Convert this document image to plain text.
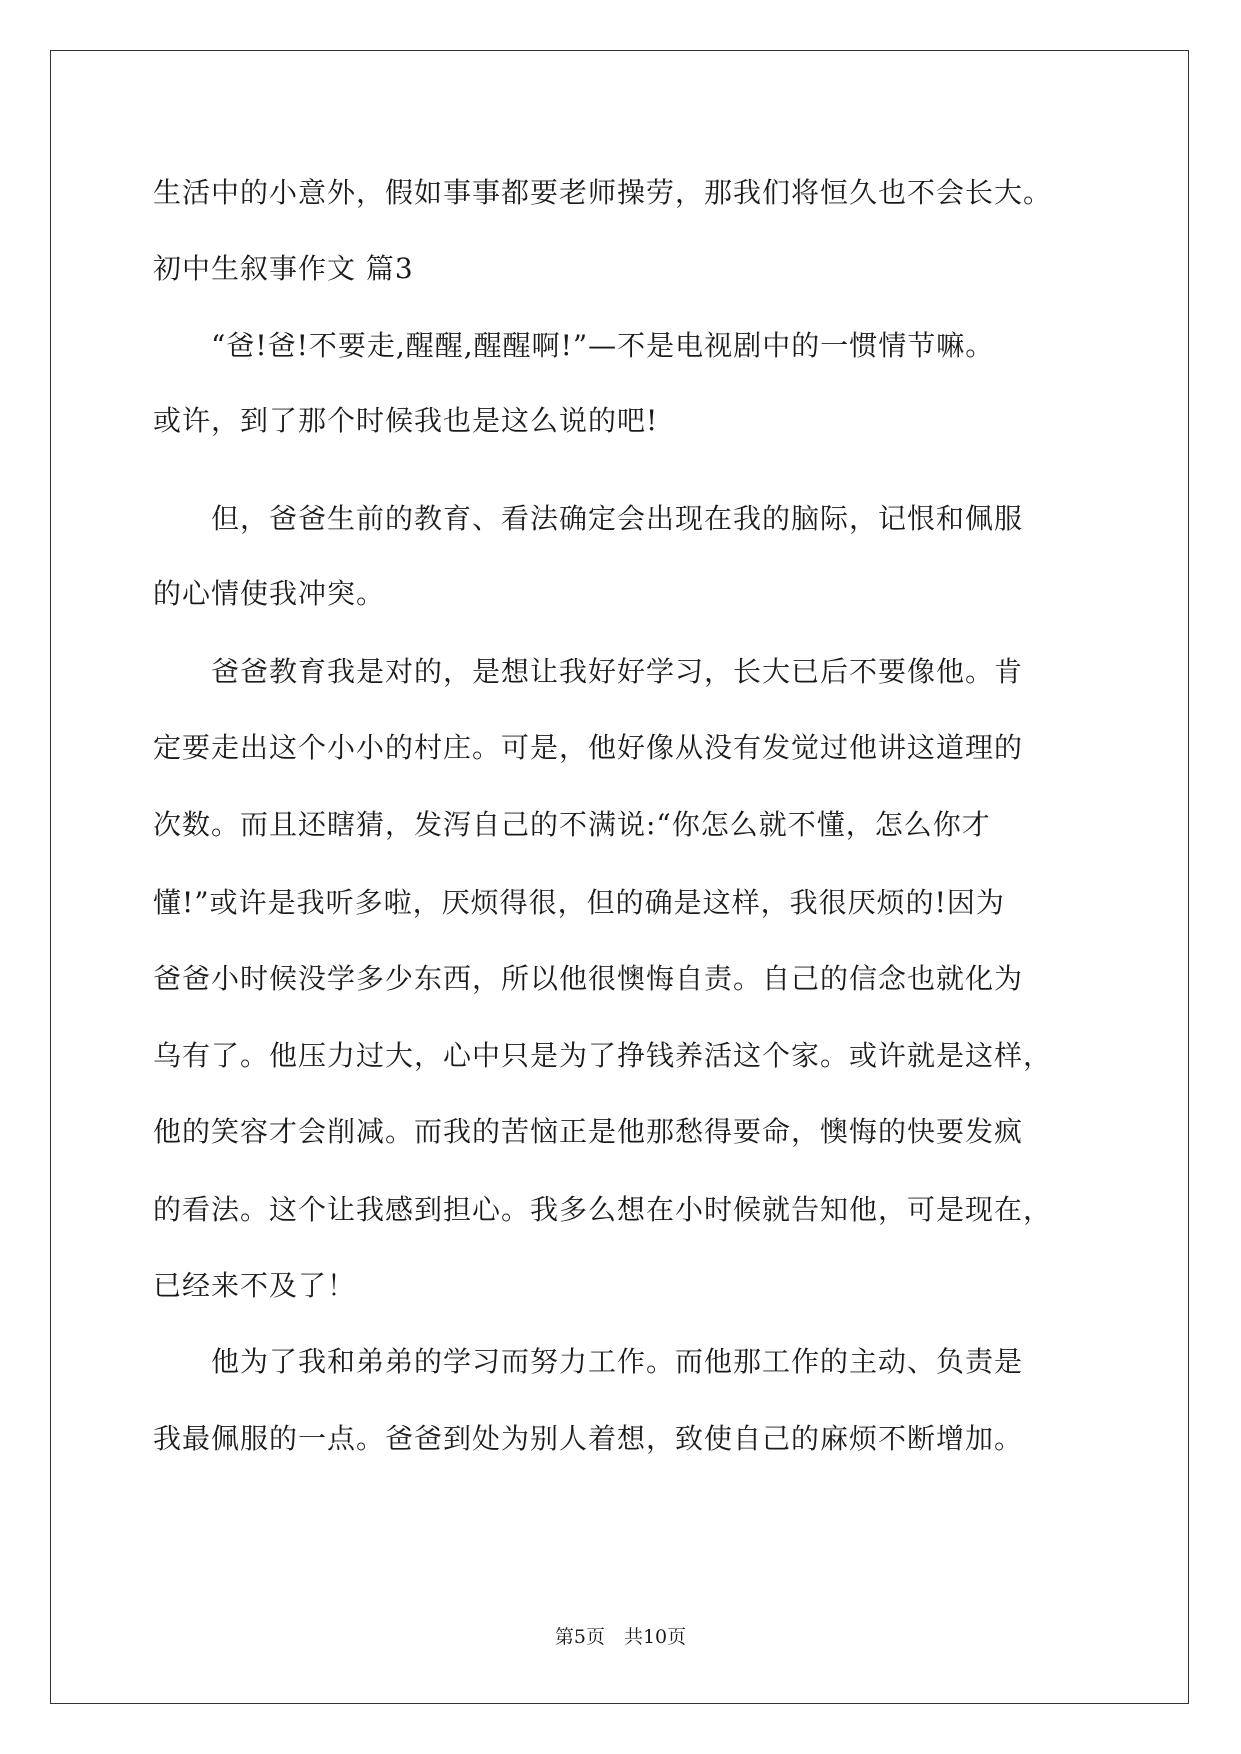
生活中的小意外，假如事事都要老师操劳，那我们将恒久也不会长大。
初中生叙事作文 篇3
　　“爸!爸!不要走,醒醒,醒醒啊!”—不是电视剧中的一惯情节嘛。
或许，到了那个时候我也是这么说的吧!
　　但，爸爸生前的教育、看法确定会出现在我的脑际，记恨和佩服
的心情使我冲突。
　　爸爸教育我是对的，是想让我好好学习，长大已后不要像他。肯
定要走出这个小小的村庄。可是，他好像从没有发觉过他讲这道理的
次数。而且还瞎猜，发泻自己的不满说:“你怎么就不懂，怎么你才
懂!”或许是我听多啦，厌烦得很，但的确是这样，我很厌烦的!因为
爸爸小时候没学多少东西，所以他很懊悔自责。自己的信念也就化为
乌有了。他压力过大，心中只是为了挣钱养活这个家。或许就是这样，
他的笑容才会削减。而我的苦恼正是他那愁得要命，懊悔的快要发疯
的看法。这个让我感到担心。我多么想在小时候就告知他，可是现在，
已经来不及了！
　　他为了我和弟弟的学习而努力工作。而他那工作的主动、负责是
我最佩服的一点。爸爸到处为别人着想，致使自己的麻烦不断增加。
第5页　共10页
